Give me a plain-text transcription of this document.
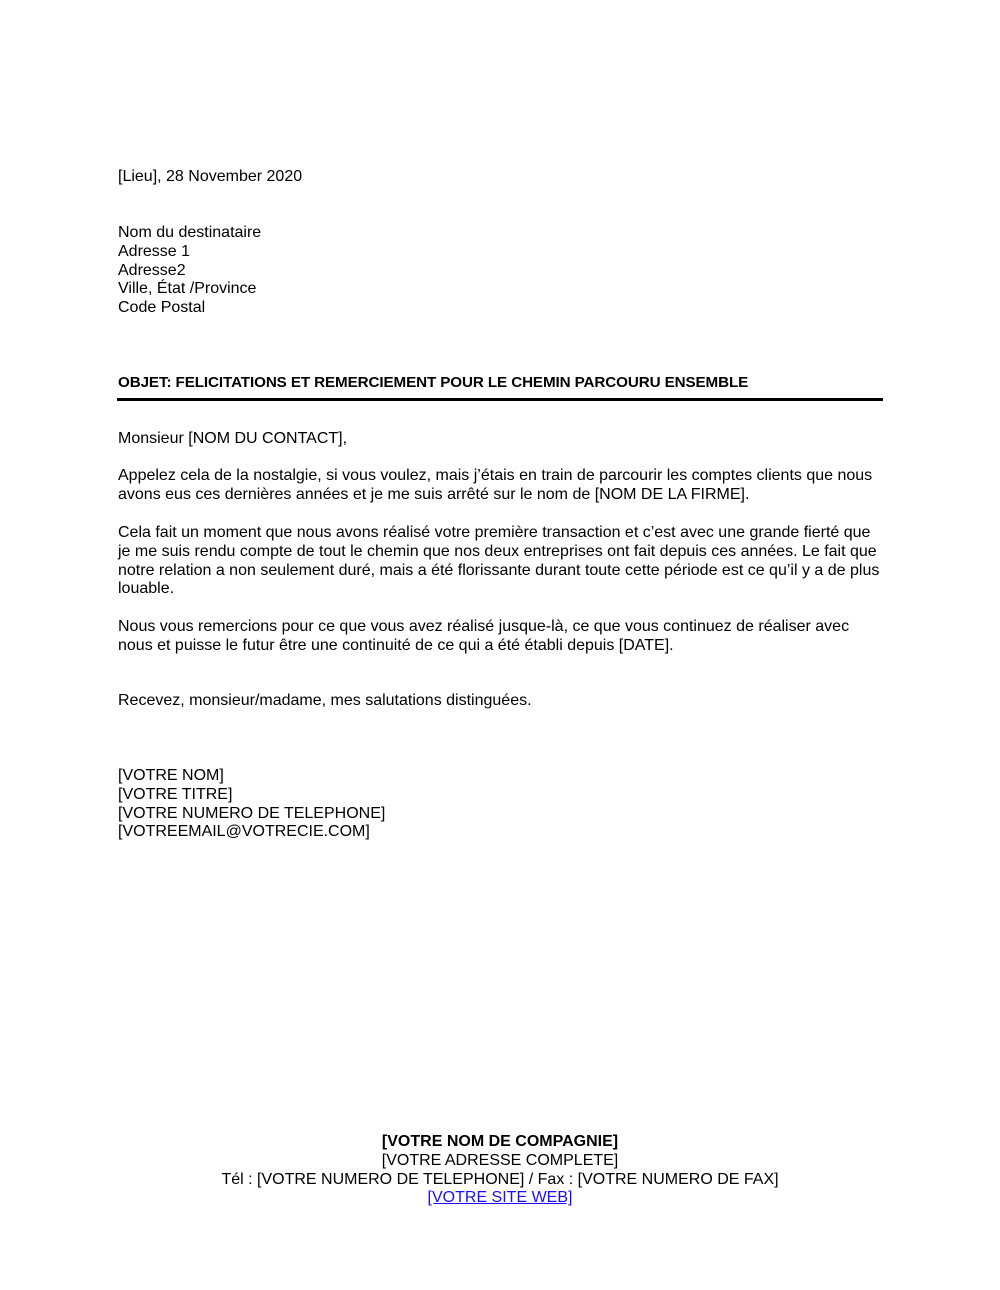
[Lieu], 28 November 2020
Nom du destinataire
Adresse 1
Adresse2
Ville, État /Province
Code Postal
OBJET: FELICITATIONS ET REMERCIEMENT POUR LE CHEMIN PARCOURU ENSEMBLE
Monsieur [NOM DU CONTACT],
Appelez cela de la nostalgie, si vous voulez, mais j’étais en train de parcourir les comptes clients que nous avons eus ces dernières années et je me suis arrêté sur le nom de [NOM DE LA FIRME].
Cela fait un moment que nous avons réalisé votre première transaction et c’est avec une grande fierté que je me suis rendu compte de tout le chemin que nos deux entreprises ont fait depuis ces années. Le fait que notre relation a non seulement duré, mais a été florissante durant toute cette période est ce qu’il y a de plus louable.
Nous vous remercions pour ce que vous avez réalisé jusque-là, ce que vous continuez de réaliser avec nous et puisse le futur être une continuité de ce qui a été établi depuis [DATE].
Recevez, monsieur/madame, mes salutations distinguées.
[VOTRE NOM]
[VOTRE TITRE]
[VOTRE NUMERO DE TELEPHONE]
[VOTREEMAIL@VOTRECIE.COM]
[VOTRE NOM DE COMPAGNIE]
[VOTRE ADRESSE COMPLETE]
Tél : [VOTRE NUMERO DE TELEPHONE] / Fax : [VOTRE NUMERO DE FAX]
[VOTRE SITE WEB]
